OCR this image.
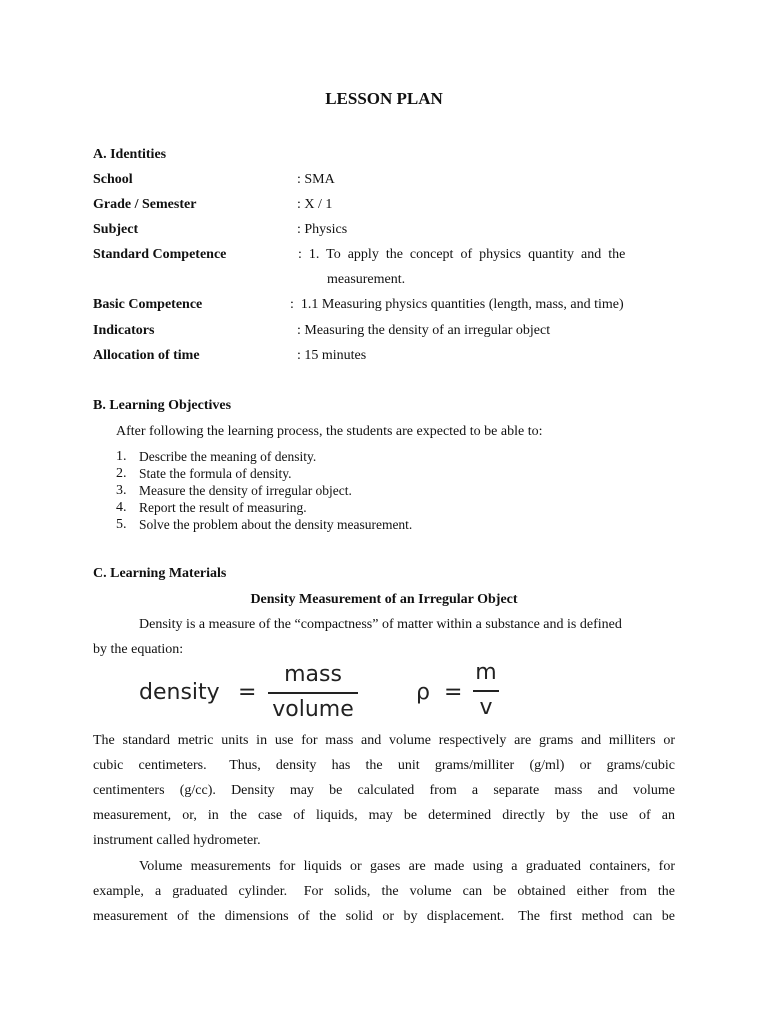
LESSON PLAN
A. Identities
School	: SMA
Grade / Semester	: X / 1
Subject	: Physics
Standard Competence	:  1.  To  apply  the  concept  of  physics  quantity  and  the
measurement.
Basic Competence	:  1.1 Measuring physics quantities (length, mass, and time)
Indicators	: Measuring the density of an irregular object
Allocation of time	: 15 minutes
B. Learning Objectives
After following the learning process, the students are expected to be able to:
1. Describe the meaning of density.
2. State the formula of density.
3. Measure the density of irregular object.
4. Report the result of measuring.
5. Solve the problem about the density measurement.
C. Learning Materials
Density Measurement of an Irregular Object
Density is a measure of the “compactness” of matter within a substance and is defined
by the equation:
density =
mass
volume
ρ =
m
v
The standard metric units in use for mass and volume respectively are grams and milliters or
cubic  centimeters.   Thus,  density  has  the  unit  grams/milliter  (g/ml)  or  grams/cubic
centimenters  (g/cc).  Density  may  be  calculated  from  a  separate  mass  and  volume
measurement,  or,  in  the  case  of  liquids,  may  be  determined  directly  by  the  use  of  an
instrument called hydrometer.
Volume measurements for liquids or gases are made using a graduated containers, for
example,  a  graduated  cylinder.   For  solids,  the  volume  can  be  obtained  either  from  the
measurement  of  the  dimensions  of  the  solid  or  by  displacement.   The  first  method  can  be
